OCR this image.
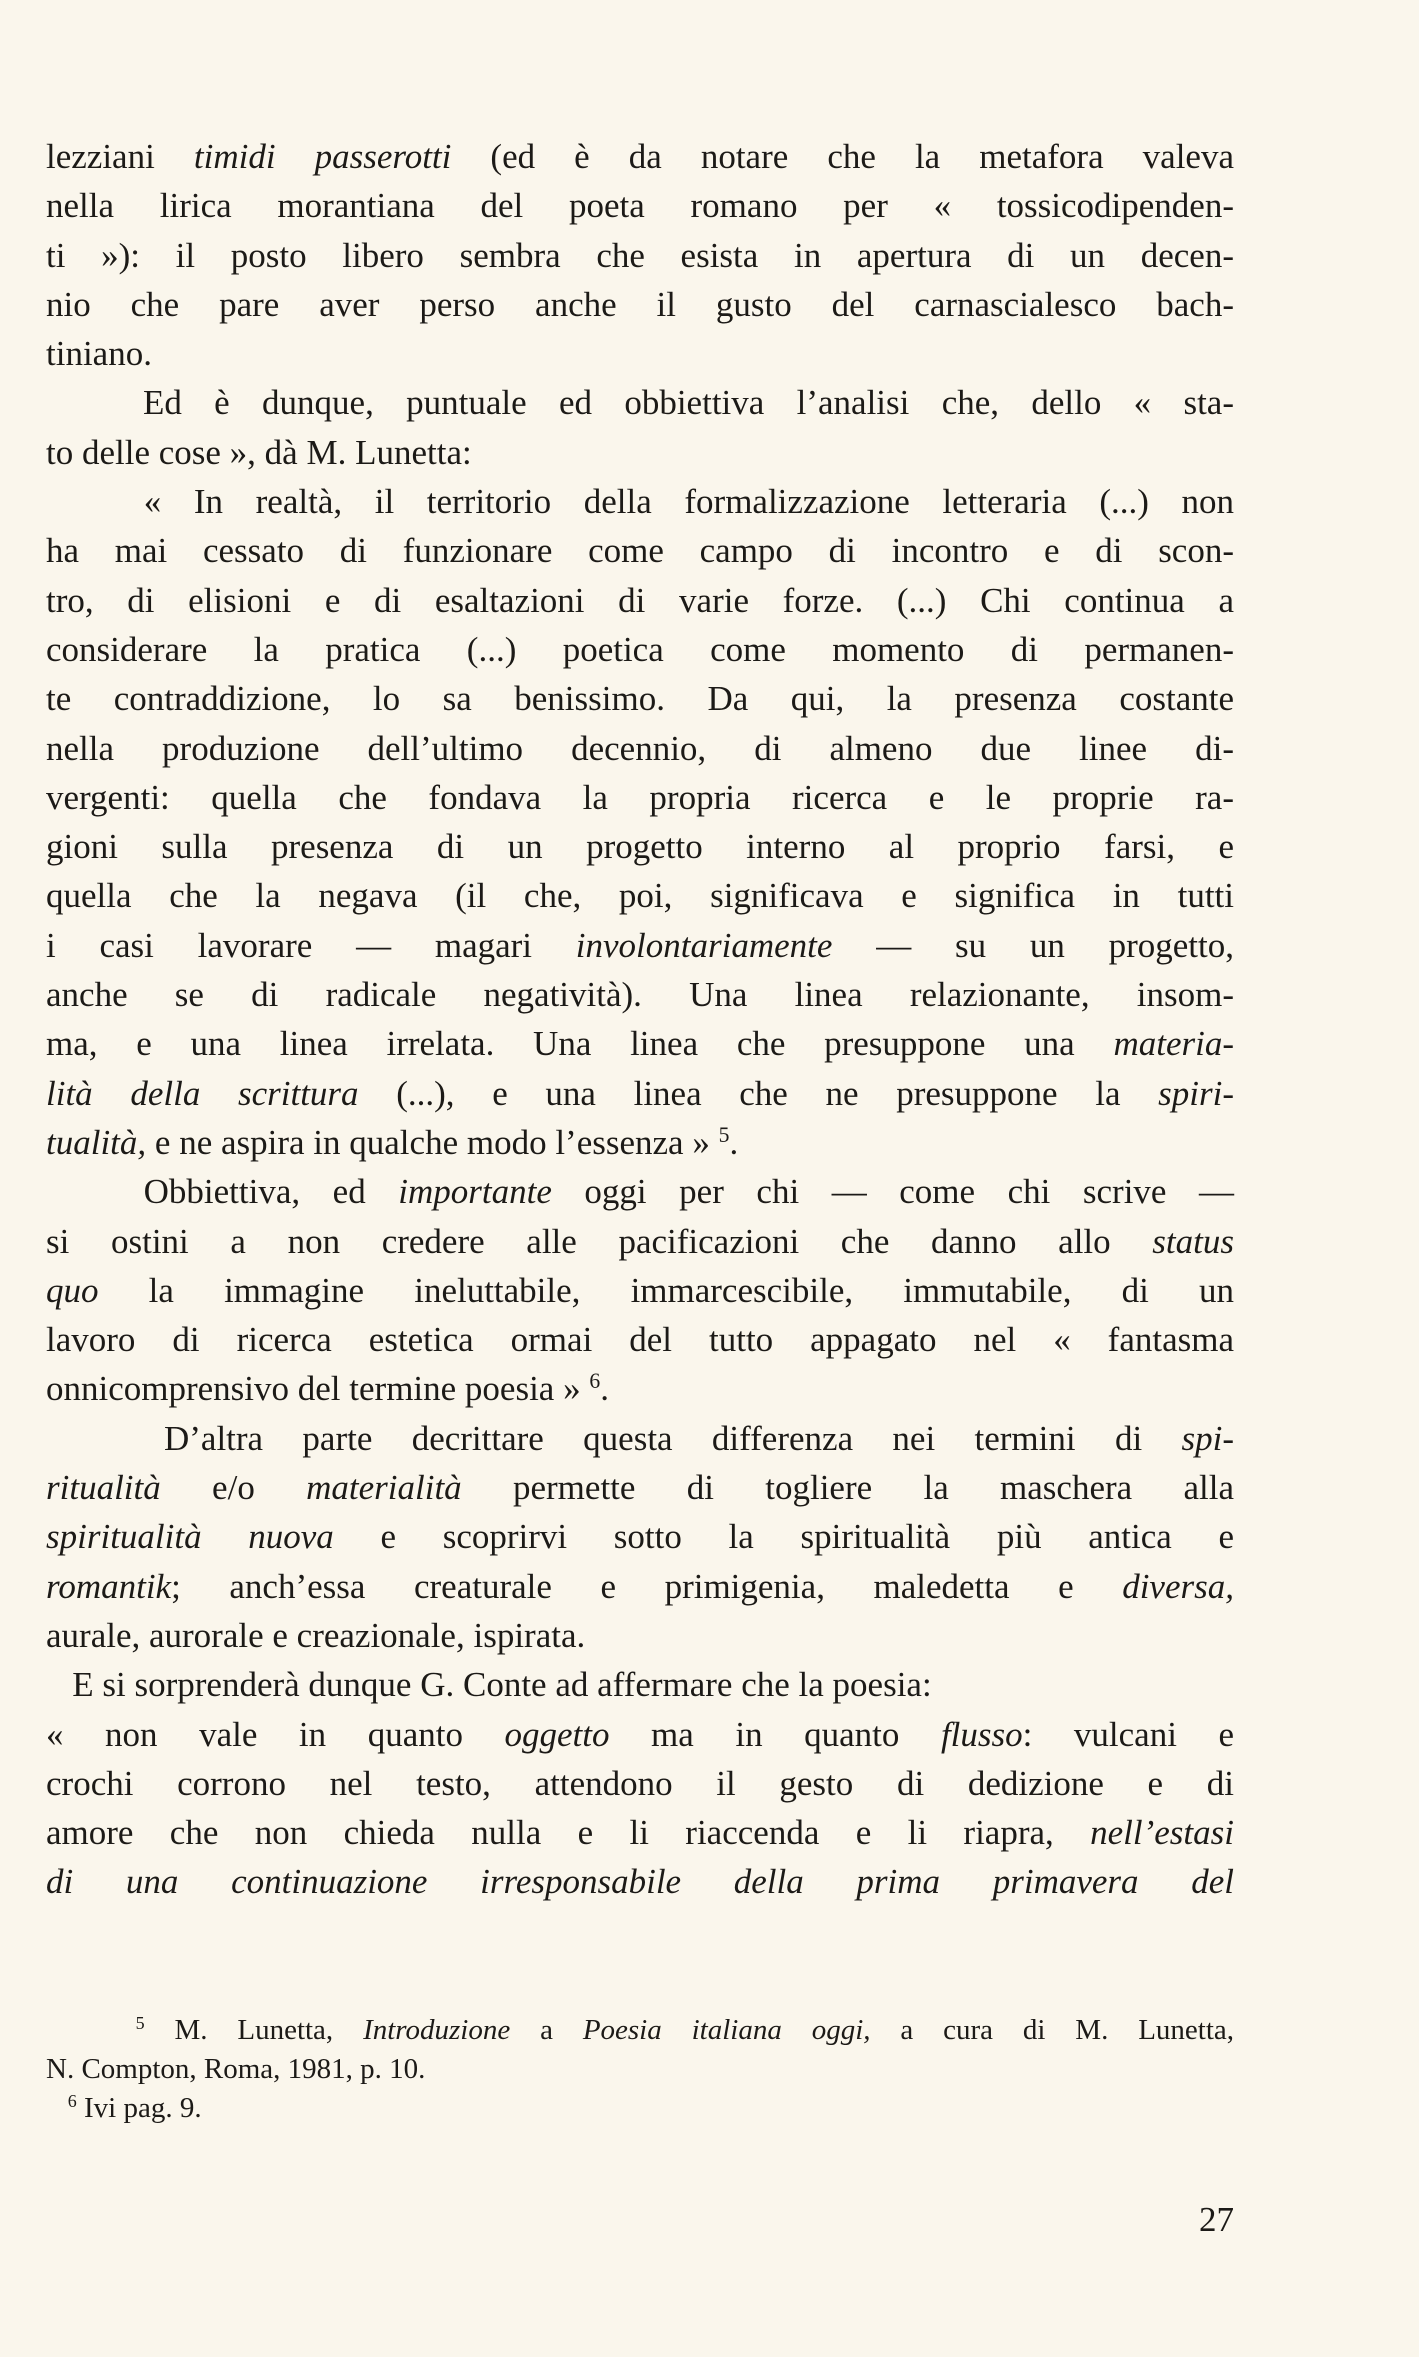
lezziani timidi passerotti (ed è da notare che la metafora valeva
nella lirica morantiana del poeta romano per « tossicodipenden-
ti »): il posto libero sembra che esista in apertura di un decen-
nio che pare aver perso anche il gusto del carnascialesco bach-
tiniano.
Ed è dunque, puntuale ed obbiettiva l’analisi che, dello « sta-
to delle cose », dà M. Lunetta:
« In realtà, il territorio della formalizzazione letteraria (...) non
ha mai cessato di funzionare come campo di incontro e di scon-
tro, di elisioni e di esaltazioni di varie forze. (...) Chi continua a
considerare la pratica (...) poetica come momento di permanen-
te contraddizione, lo sa benissimo. Da qui, la presenza costante
nella produzione dell’ultimo decennio, di almeno due linee di-
vergenti: quella che fondava la propria ricerca e le proprie ra-
gioni sulla presenza di un progetto interno al proprio farsi, e
quella che la negava (il che, poi, significava e significa in tutti
i casi lavorare — magari involontariamente — su un progetto,
anche se di radicale negatività). Una linea relazionante, insom-
ma, e una linea irrelata. Una linea che presuppone una materia-
lità della scrittura (...), e una linea che ne presuppone la spiri-
tualità, e ne aspira in qualche modo l’essenza » $^5$.
Obbiettiva, ed importante oggi per chi — come chi scrive —
si ostini a non credere alle pacificazioni che danno allo status
quo la immagine ineluttabile, immarcescibile, immutabile, di un
lavoro di ricerca estetica ormai del tutto appagato nel « fantasma
onnicomprensivo del termine poesia » $^6$.
D’altra parte decrittare questa differenza nei termini di spi-
ritualità e/o materialità permette di togliere la maschera alla
spiritualità nuova e scoprirvi sotto la spiritualità più antica e
romantik; anch’essa creaturale e primigenia, maledetta e diversa,
aurale, aurorale e creazionale, ispirata.
E si sorprenderà dunque G. Conte ad affermare che la poesia:
« non vale in quanto oggetto ma in quanto flusso: vulcani e
crochi corrono nel testo, attendono il gesto di dedizione e di
amore che non chieda nulla e li riaccenda e li riapra, nell’estasi
di una continuazione irresponsabile della prima primavera del
$^5$ M. Lunetta, Introduzione a Poesia italiana oggi, a cura di M. Lunetta,
N. Compton, Roma, 1981, p. 10.
$^6$ Ivi pag. 9.
27
